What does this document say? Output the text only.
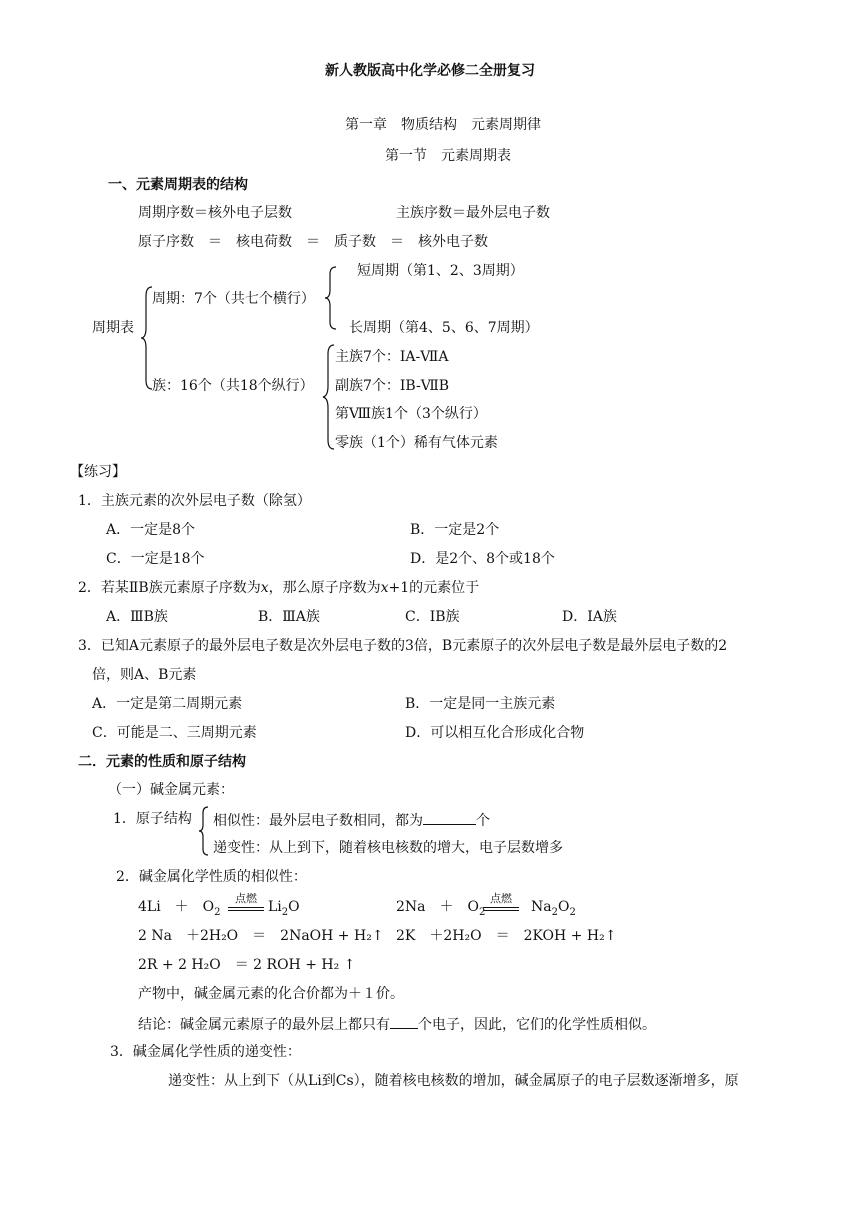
新人教版高中化学必修二全册复习
第一章　物质结构　元素周期律
第一节　元素周期表
一、元素周期表的结构
周期序数＝核外电子层数	主族序数＝最外层电子数
原子序数　＝　核电荷数　＝　质子数　＝　核外电子数
周期表
周期：7个（共七个横行）
短周期（第1、2、3周期）
长周期（第4、5、6、7周期）
族：16个（共18个纵行）
主族7个：ⅠA-ⅦA
副族7个：IB-ⅦB
第Ⅷ族1个（3个纵行）
零族（1个）稀有气体元素
【练习】
1．主族元素的次外层电子数（除氢）
A．一定是8个	B．一定是2个
C．一定是18个	D．是2个、8个或18个
2．若某ⅡB族元素原子序数为x，那么原子序数为x+1的元素位于
A．ⅢB族	B．ⅢA族	C．ⅠB族	D．ⅠA族
3．已知A元素原子的最外层电子数是次外层电子数的3倍，B元素原子的次外层电子数是最外层电子数的2
倍，则A、B元素
A．一定是第二周期元素	B．一定是同一主族元素
C．可能是二、三周期元素	D．可以相互化合形成化合物
二．元素的性质和原子结构
（一）碱金属元素：
1．原子结构 相似性：最外层电子数相同，都为	个
递变性：从上到下，随着核电核数的增大，电子层数增多
2．碱金属化学性质的相似性：
4Li　＋　$O_2$
点燃
$Li_2O$	2Na　＋　$O_2$
点燃
$Na_2O_2$
2 Na　＋2H₂O　＝　2NaOH + H₂↑ 2K　＋2H₂O　＝　2KOH + H₂↑
2R + 2 H₂O　＝ 2 ROH + H₂ ↑
产物中，碱金属元素的化合价都为＋１价。
结论：碱金属元素原子的最外层上都只有 个电子，因此，它们的化学性质相似。
3．碱金属化学性质的递变性：
递变性：从上到下（从Li到Cs），随着核电核数的增加，碱金属原子的电子层数逐渐增多，原
